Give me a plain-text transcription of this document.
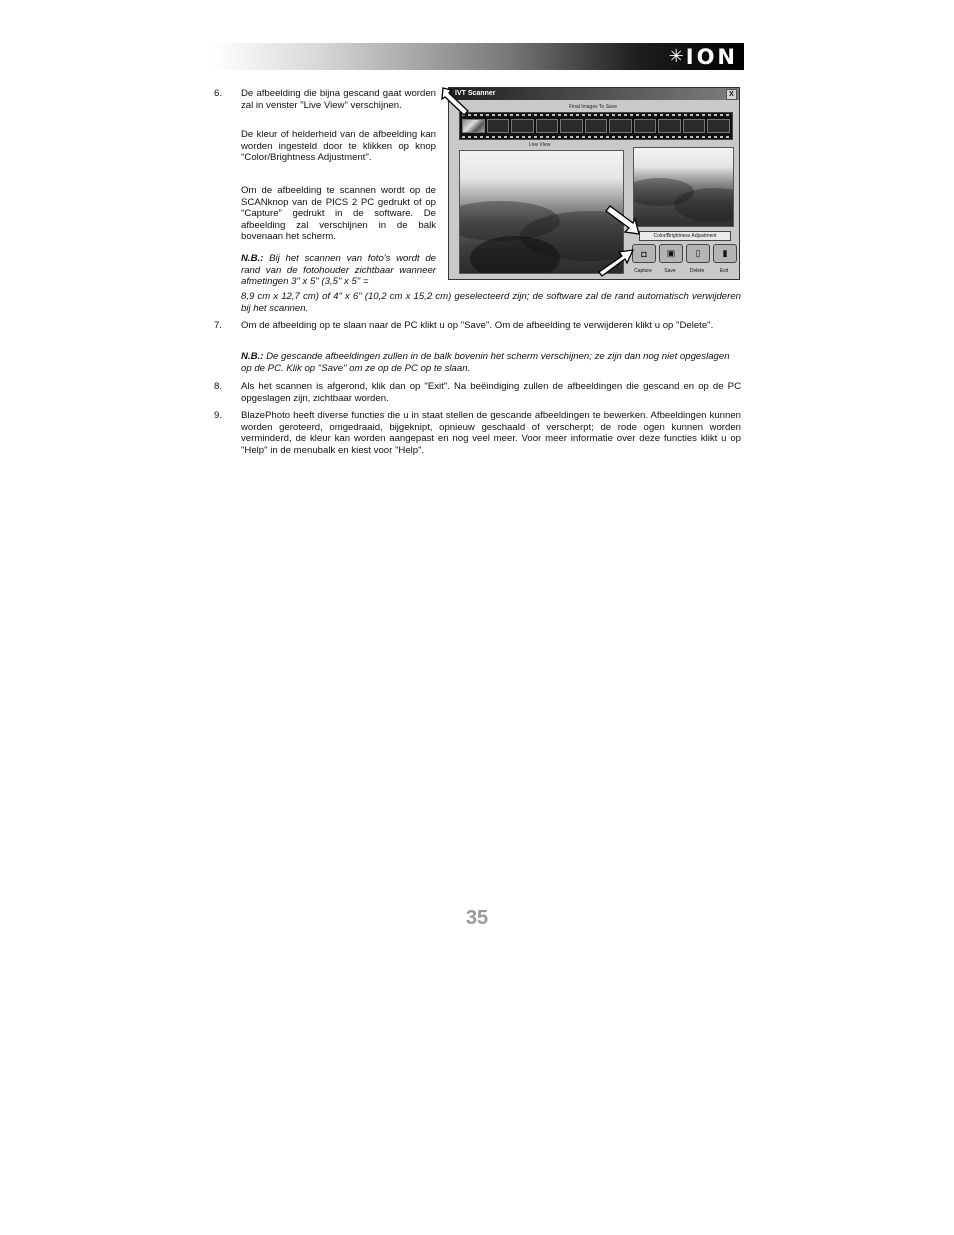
✳ ION
6. De afbeelding die bijna gescand gaat worden zal in venster "Live View" verschijnen.
De kleur of helderheid van de afbeelding kan worden ingesteld door te klikken op knop "Color/Brightness Adjustment".
Om de afbeelding te scannen wordt op de SCANknop van de PICS 2 PC gedrukt of op "Capture" gedrukt in de software. De afbeelding zal verschijnen in de balk bovenaan het scherm.
N.B.: Bij het scannen van foto's wordt de rand van de fotohouder zichtbaar wanneer afmetingen 3" x 5" (3,5" x 5" =
8,9 cm x 12,7 cm) of 4" x 6" (10,2 cm x 15,2 cm) geselecteerd zijn; de software zal de rand automatisch verwijderen bij het scannen.
IVT Scanner	X
Final Images To Save
Live View
Color/Brightness Adjustment
◘ ▣ ▯ ▮
Capture	Save	Delete	Exit
7. Om de afbeelding op te slaan naar de PC klikt u op "Save". Om de afbeelding te verwijderen klikt u op "Delete".
N.B.: De gescande afbeeldingen zullen in de balk bovenin het scherm verschijnen; ze zijn dan nog niet opgeslagen op de PC. Klik op "Save" om ze op de PC op te slaan.
8. Als het scannen is afgerond, klik dan op "Exit". Na beëindiging zullen de afbeeldingen die gescand en op de PC opgeslagen zijn, zichtbaar worden.
9. BlazePhoto heeft diverse functies die u in staat stellen de gescande afbeeldingen te bewerken. Afbeeldingen kunnen worden geroteerd, omgedraaid, bijgeknipt, opnieuw geschaald of verscherpt; de rode ogen kunnen worden verminderd, de kleur kan worden aangepast en nog veel meer. Voor meer informatie over deze functies klikt u op "Help" in de menubalk en kiest voor "Help".
35
